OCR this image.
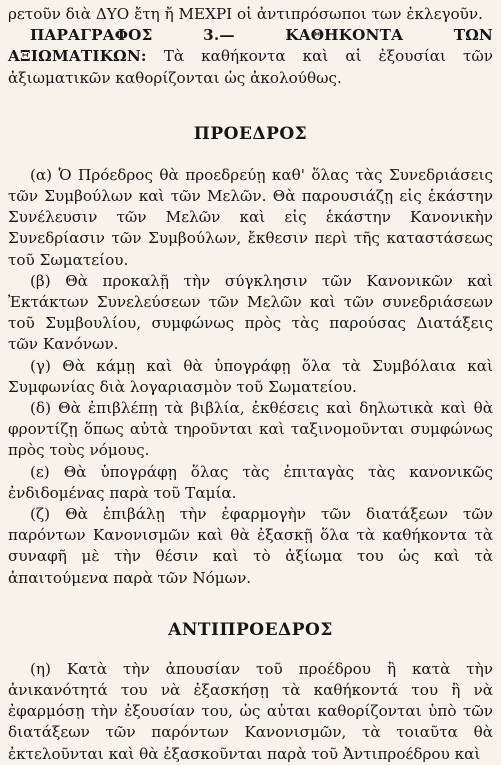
ρετοῦν διὰ ΔΥΟ ἔτη ἤ ΜΕΧΡΙ οἱ ἀντιπρόσωποι των ἐκλεγοῦν.

ΠΑΡΑΓΡΑΦΟΣ 3.— ΚΑΘΗΚΟΝΤΑ ΤΩΝ ΑΞΙΩΜΑΤΙΚΩΝ: Τὰ καθήκοντα καὶ αἱ ἐξουσίαι τῶν ἀξιωματικῶν καθορίζονται ὡς ἀκολούθως.

ΠΡΟΕΔΡΟΣ

(α) Ὁ Πρόεδρος θὰ προεδρεύῃ καθ' ὅλας τὰς Συνεδριάσεις τῶν Συμβούλων καὶ τῶν Μελῶν. Θὰ παρουσιάζῃ εἰς ἑκάστην Συνέλευσιν τῶν Μελῶν καὶ εἰς ἑκάστην Κανονικὴν Συνεδρίασιν τῶν Συμβούλων, ἔκθεσιν περὶ τῆς καταστάσεως τοῦ Σωματείου.

(β) Θὰ προκαλῇ τὴν σύγκλησιν τῶν Κανονικῶν καὶ Ἐκτάκτων Συνελεύσεων τῶν Μελῶν καὶ τῶν συνεδριάσεων τοῦ Συμβουλίου, συμφώνως πρὸς τὰς παρούσας Διατάξεις τῶν Κανόνων.

(γ) Θὰ κάμῃ καὶ θὰ ὑπογράφῃ ὅλα τὰ Συμβόλαια καὶ Συμφωνίας διὰ λογαριασμὸν τοῦ Σωματείου.

(δ) Θὰ ἐπιβλέπῃ τὰ βιβλία, ἐκθέσεις καὶ δηλωτικὰ καὶ θὰ φροντίζῃ ὅπως αὐτὰ τηροῦνται καὶ ταξινομοῦνται συμφώνως πρὸς τοὺς νόμους.

(ε) Θὰ ὑπογράφῃ ὅλας τὰς ἐπιταγὰς τὰς κανονικῶς ἐνδιδομένας παρὰ τοῦ Ταμία.

(ζ) Θὰ ἐπιβάλῃ τὴν ἐφαρμογὴν τῶν διατάξεων τῶν παρόντων Κανονισμῶν καὶ θὰ ἐξασκῇ ὅλα τὰ καθήκοντα τὰ συναφῆ μὲ τὴν θέσιν καὶ τὸ ἀξίωμα του ὡς καὶ τὰ ἀπαιτούμενα παρὰ τῶν Νόμων.

ΑΝΤΙΠΡΟΕΔΡΟΣ

(η) Κατὰ τὴν ἀπουσίαν τοῦ προέδρου ἢ κατὰ τὴν ἀνικανότητά του νὰ ἐξασκήσῃ τὰ καθήκοντά του ἢ νὰ ἐφαρμόσῃ τὴν ἐξουσίαν του, ὡς αὐται καθορίζονται ὑπὸ τῶν διατάξεων τῶν παρόντων Κανονισμῶν, τὰ τοιαῦτα θὰ ἐκτελοῦνται καὶ θὰ ἐξασκοῦνται παρὰ τοῦ Ἀντιπροέδρου καὶ
